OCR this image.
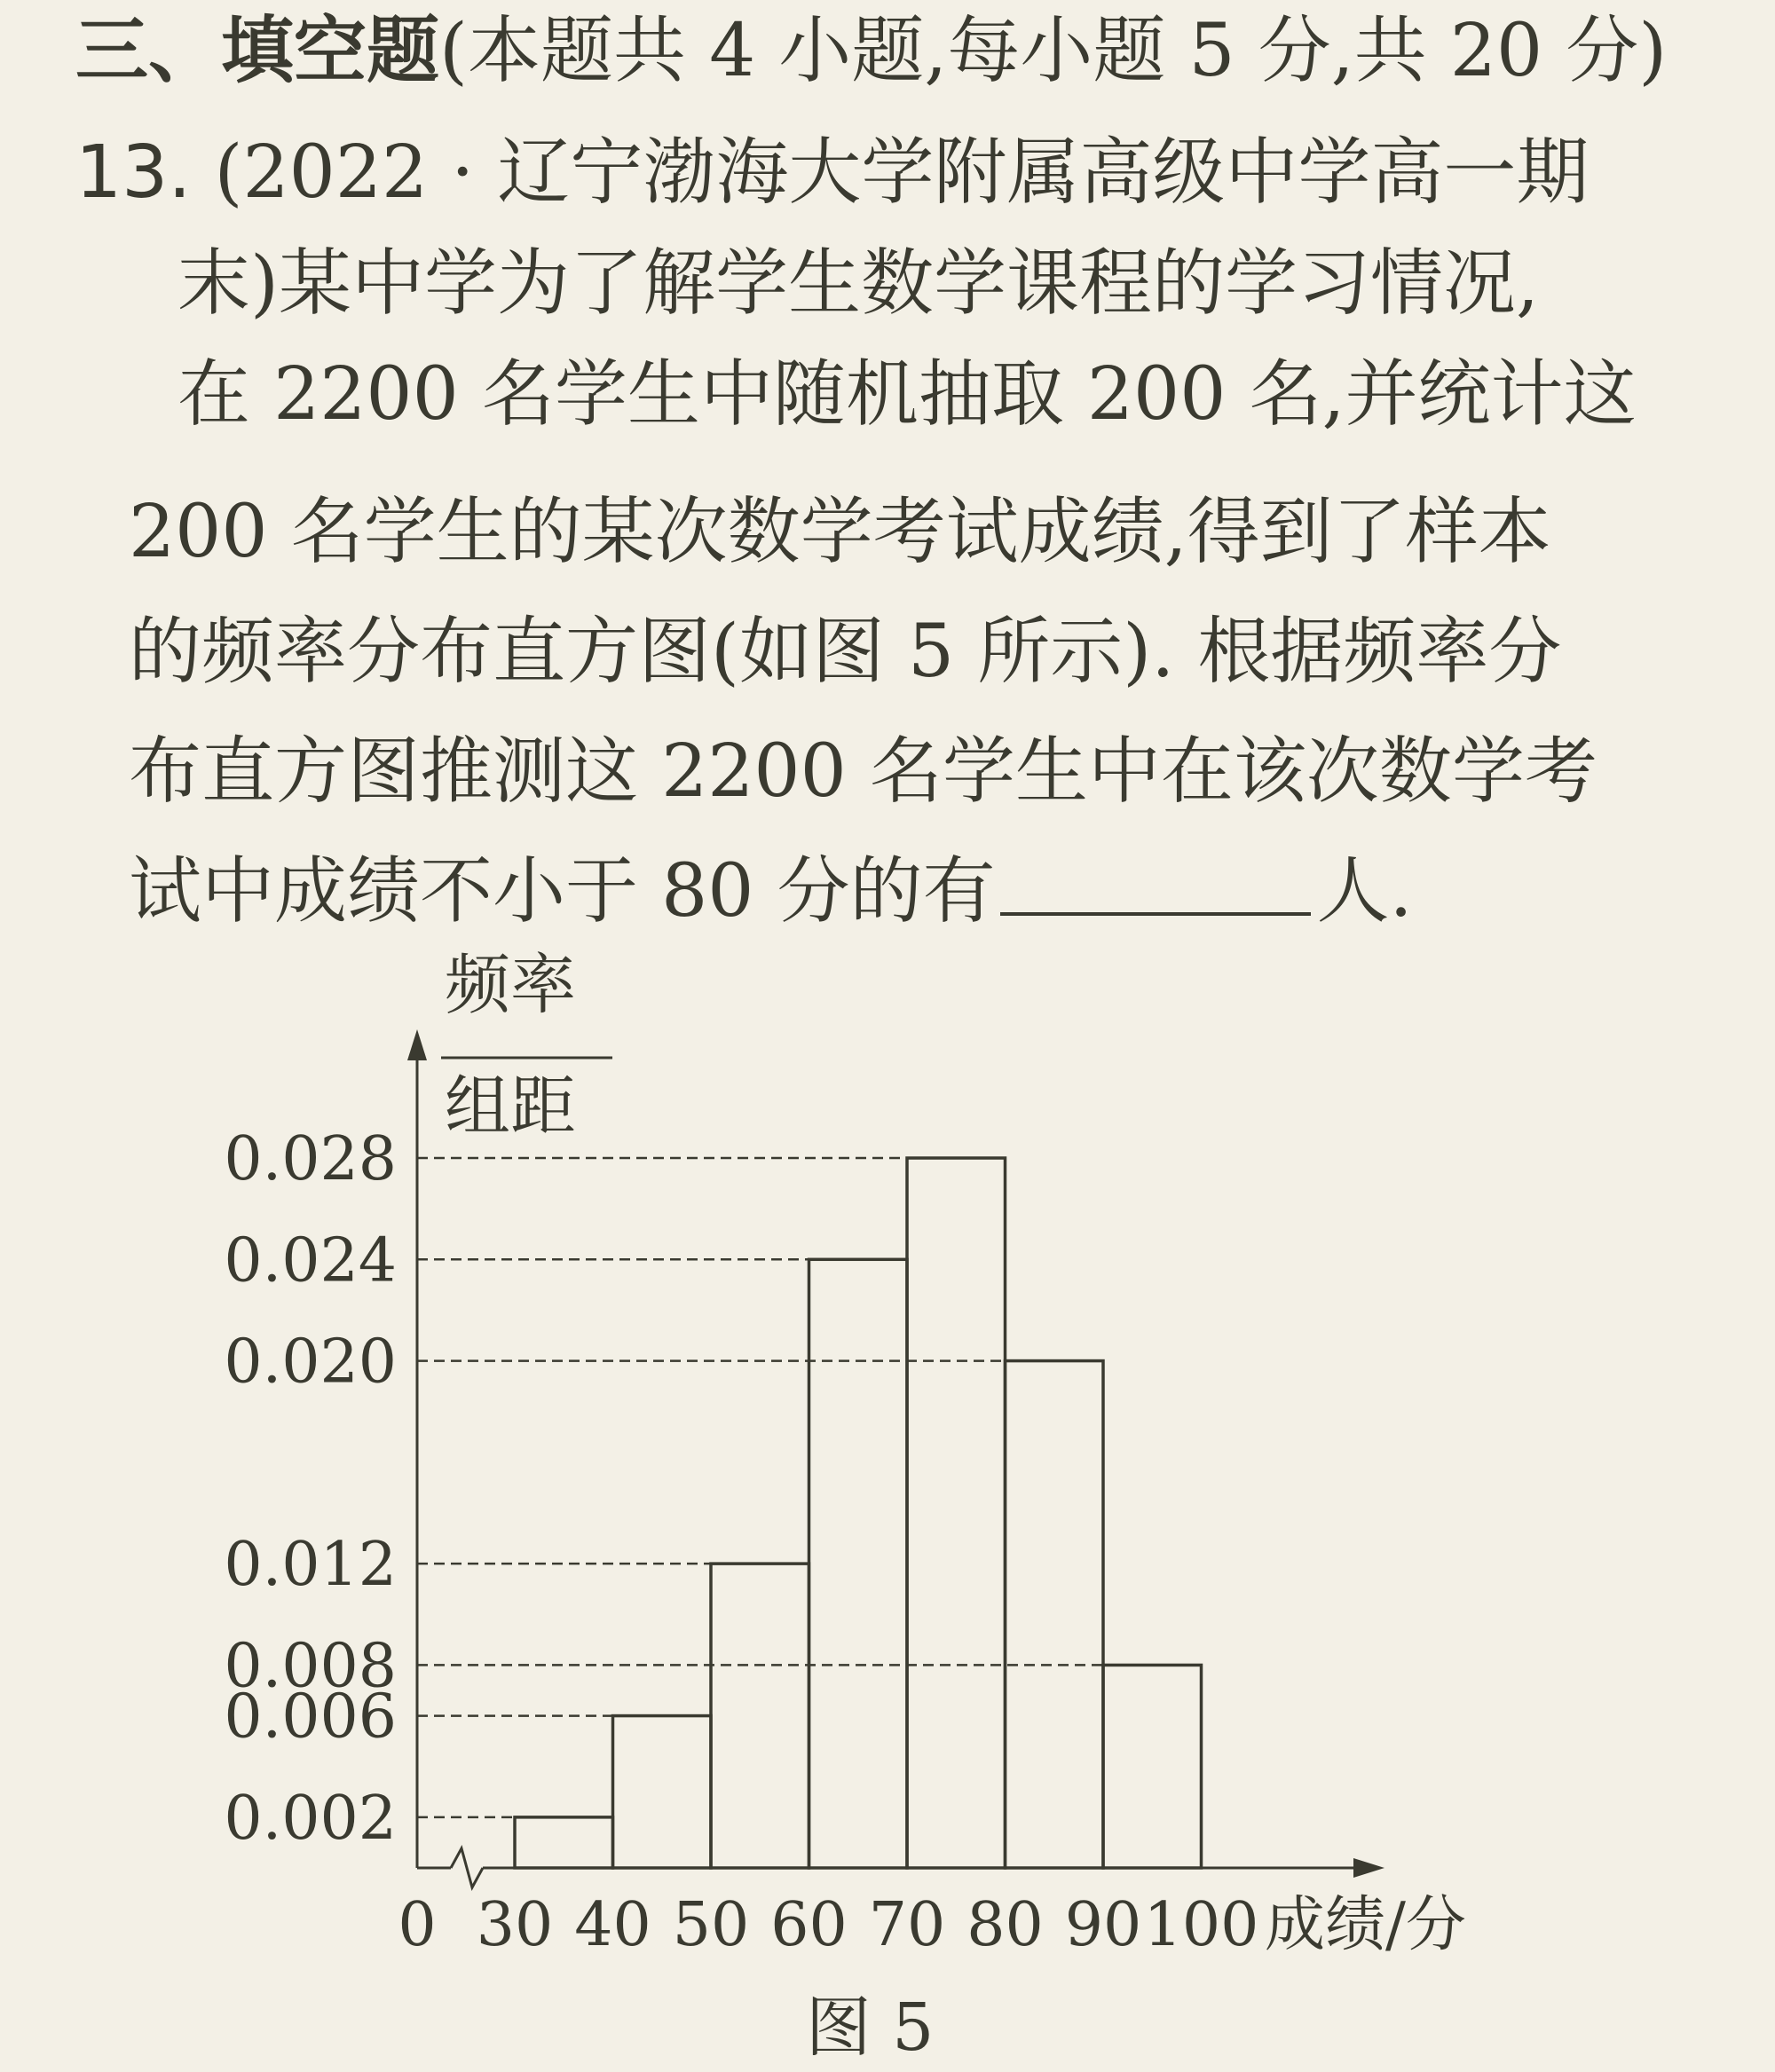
三、填空题(本题共 4 小题,每小题 5 分,共 20 分)
13. (2022 · 辽宁渤海大学附属高级中学高一期
末)某中学为了解学生数学课程的学习情况,
在 2200 名学生中随机抽取 200 名,并统计这
200 名学生的某次数学考试成绩,得到了样本
的频率分布直方图(如图 5 所示). 根据频率分
布直方图推测这 2200 名学生中在该次数学考
试中成绩不小于 80 分的有	人.
频率
组距
0.002
0.006
0.008
0.012
0.020
0.024
0.028
0 30 40 50 60 70 80 90 100 成绩/分
图 5
